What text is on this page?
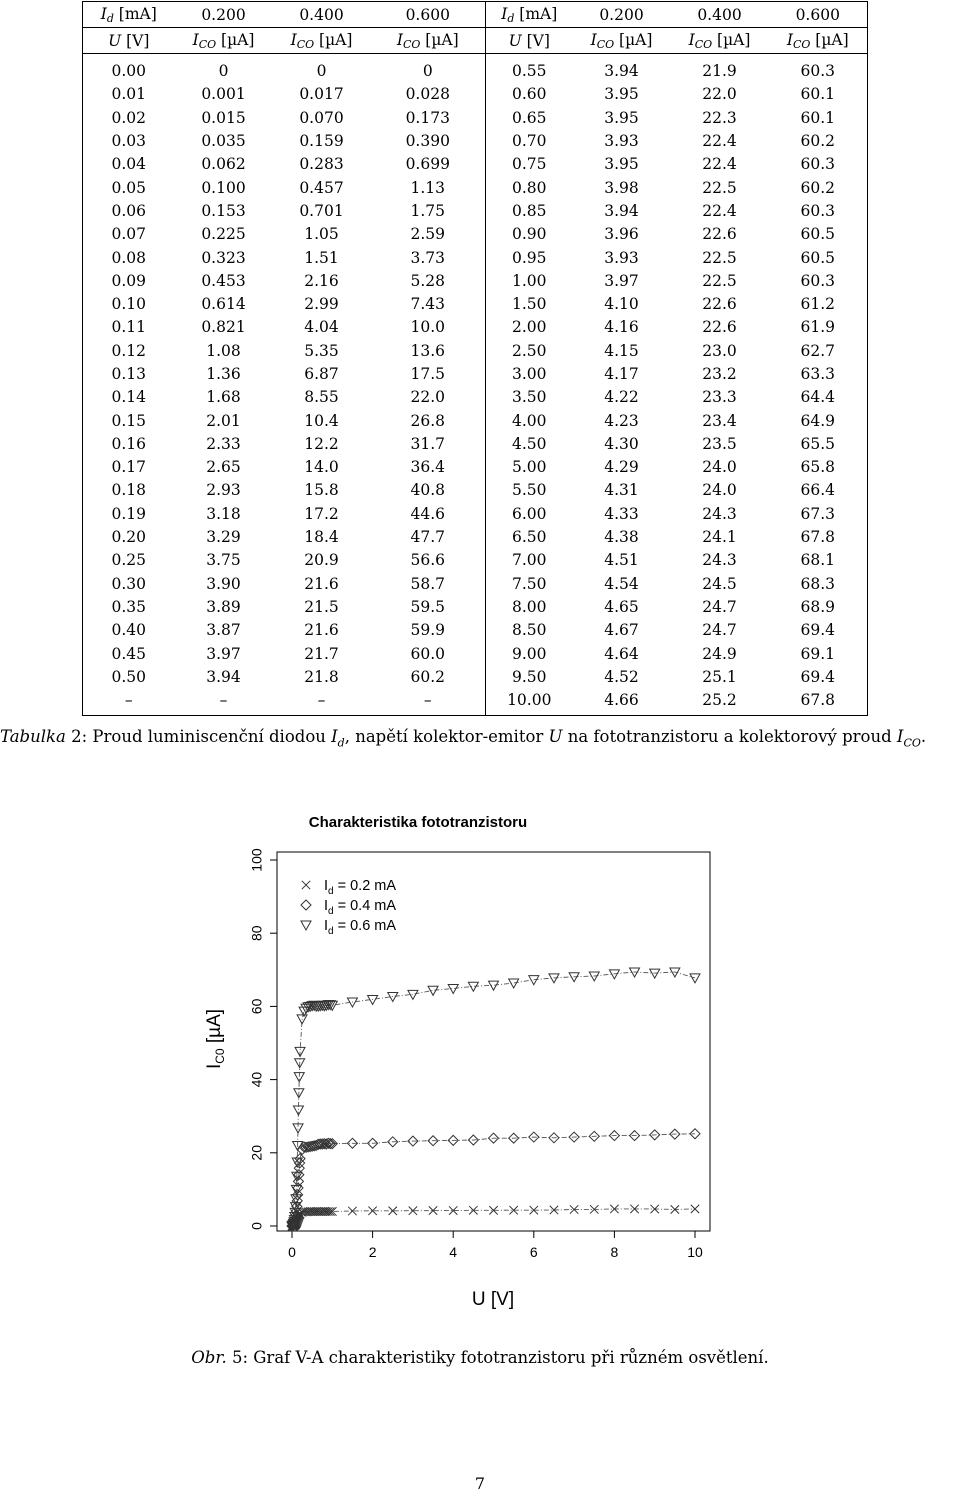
$I_d$ [mA]	0.200	0.400	0.600	$I_d$ [mA]	0.200	0.400	0.600
U [V]	$I_{CO}$ [µA]	$I_{CO}$ [µA]	$I_{CO}$ [µA]	U [V]	$I_{CO}$ [µA]	$I_{CO}$ [µA]	$I_{CO}$ [µA]
0.00	0	0	0	0.55	3.94	21.9	60.3
0.01	0.001	0.017	0.028	0.60	3.95	22.0	60.1
0.02	0.015	0.070	0.173	0.65	3.95	22.3	60.1
0.03	0.035	0.159	0.390	0.70	3.93	22.4	60.2
0.04	0.062	0.283	0.699	0.75	3.95	22.4	60.3
0.05	0.100	0.457	1.13	0.80	3.98	22.5	60.2
0.06	0.153	0.701	1.75	0.85	3.94	22.4	60.3
0.07	0.225	1.05	2.59	0.90	3.96	22.6	60.5
0.08	0.323	1.51	3.73	0.95	3.93	22.5	60.5
0.09	0.453	2.16	5.28	1.00	3.97	22.5	60.3
0.10	0.614	2.99	7.43	1.50	4.10	22.6	61.2
0.11	0.821	4.04	10.0	2.00	4.16	22.6	61.9
0.12	1.08	5.35	13.6	2.50	4.15	23.0	62.7
0.13	1.36	6.87	17.5	3.00	4.17	23.2	63.3
0.14	1.68	8.55	22.0	3.50	4.22	23.3	64.4
0.15	2.01	10.4	26.8	4.00	4.23	23.4	64.9
0.16	2.33	12.2	31.7	4.50	4.30	23.5	65.5
0.17	2.65	14.0	36.4	5.00	4.29	24.0	65.8
0.18	2.93	15.8	40.8	5.50	4.31	24.0	66.4
0.19	3.18	17.2	44.6	6.00	4.33	24.3	67.3
0.20	3.29	18.4	47.7	6.50	4.38	24.1	67.8
0.25	3.75	20.9	56.6	7.00	4.51	24.3	68.1
0.30	3.90	21.6	58.7	7.50	4.54	24.5	68.3
0.35	3.89	21.5	59.5	8.00	4.65	24.7	68.9
0.40	3.87	21.6	59.9	8.50	4.67	24.7	69.4
0.45	3.97	21.7	60.0	9.00	4.64	24.9	69.1
0.50	3.94	21.8	60.2	9.50	4.52	25.1	69.4
–	–	–	–	10.00	4.66	25.2	67.8
Tabulka 2: Proud luminiscenční diodou $I_d$, napětí kolektor-emitor U na fototranzistoru a kolektorový proud $I_{CO}$.
Charakteristika fototranzistoru
0	2	4	6	8	10
0
20
40
60
80
100
$I_{C0}$ [µA]
$I_d = 0.2$ mA
$I_d = 0.4$ mA
$I_d = 0.6$ mA
U [V]
Obr. 5: Graf V-A charakteristiky fototranzistoru při různém osvětlení.
7
